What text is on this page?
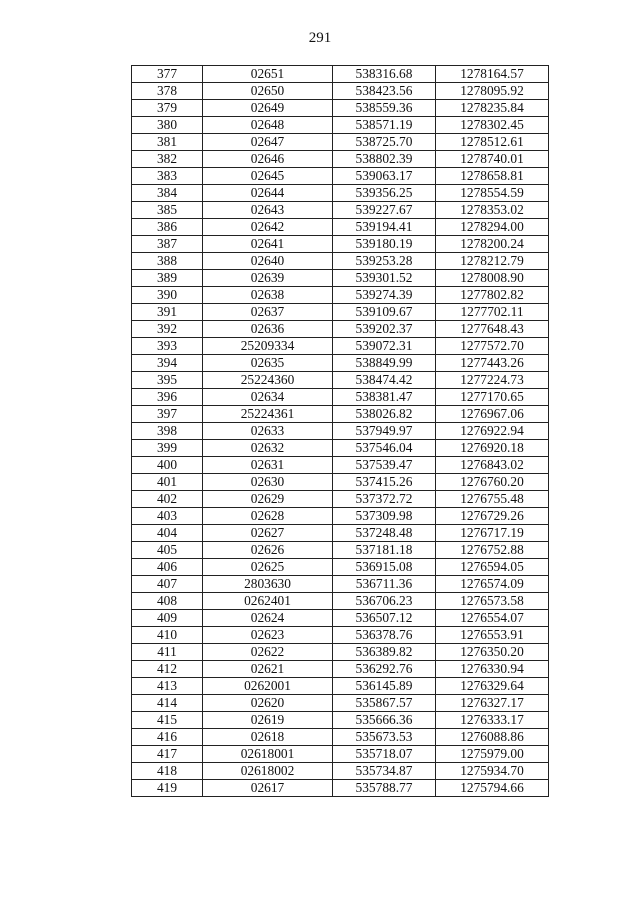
291
377	02651	538316.68	1278164.57
378	02650	538423.56	1278095.92
379	02649	538559.36	1278235.84
380	02648	538571.19	1278302.45
381	02647	538725.70	1278512.61
382	02646	538802.39	1278740.01
383	02645	539063.17	1278658.81
384	02644	539356.25	1278554.59
385	02643	539227.67	1278353.02
386	02642	539194.41	1278294.00
387	02641	539180.19	1278200.24
388	02640	539253.28	1278212.79
389	02639	539301.52	1278008.90
390	02638	539274.39	1277802.82
391	02637	539109.67	1277702.11
392	02636	539202.37	1277648.43
393	25209334	539072.31	1277572.70
394	02635	538849.99	1277443.26
395	25224360	538474.42	1277224.73
396	02634	538381.47	1277170.65
397	25224361	538026.82	1276967.06
398	02633	537949.97	1276922.94
399	02632	537546.04	1276920.18
400	02631	537539.47	1276843.02
401	02630	537415.26	1276760.20
402	02629	537372.72	1276755.48
403	02628	537309.98	1276729.26
404	02627	537248.48	1276717.19
405	02626	537181.18	1276752.88
406	02625	536915.08	1276594.05
407	2803630	536711.36	1276574.09
408	0262401	536706.23	1276573.58
409	02624	536507.12	1276554.07
410	02623	536378.76	1276553.91
411	02622	536389.82	1276350.20
412	02621	536292.76	1276330.94
413	0262001	536145.89	1276329.64
414	02620	535867.57	1276327.17
415	02619	535666.36	1276333.17
416	02618	535673.53	1276088.86
417	02618001	535718.07	1275979.00
418	02618002	535734.87	1275934.70
419	02617	535788.77	1275794.66
